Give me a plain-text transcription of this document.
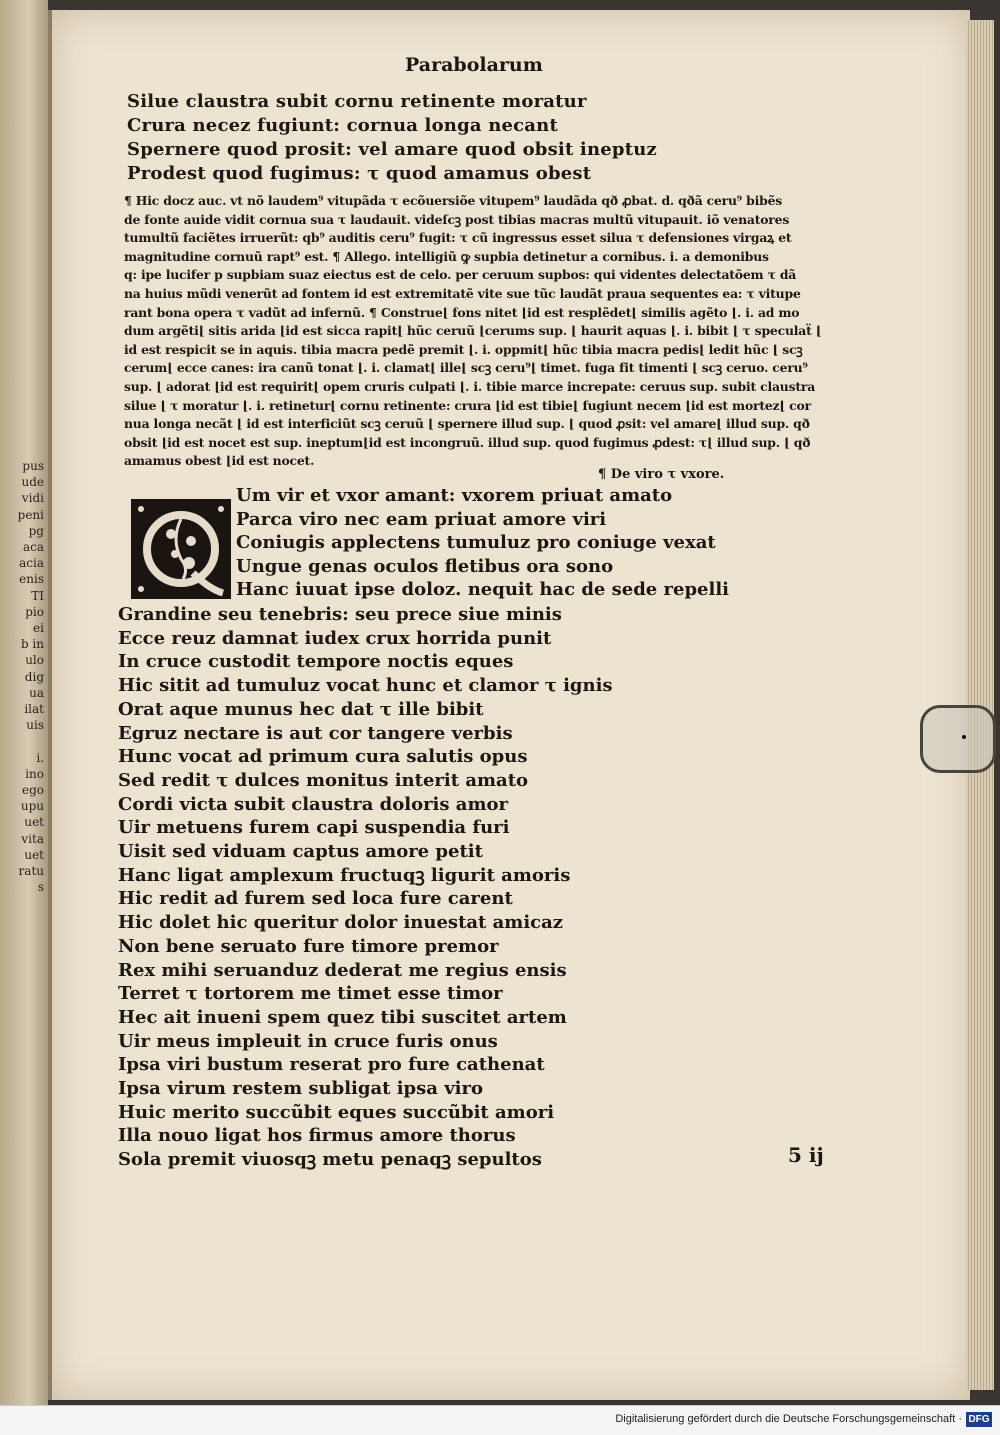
pus
ude
vidi
peni
pg
aca
acia
enis
TI
pio
ei
b in
ulo
dig
ua
ilat
uis

i.
ino
ego
upu
uet
vita
uet
ratu
s
Parabolarum
Silue claustra subit cornu retinente moratur
Crura necez fugiunt: cornua longa necant
Spernere quod prosit: vel amare quod obsit ineptuz
Prodest quod fugimus: τ quod amamus obest
¶ Hic docz auc. vt nõ laudem⁹ vitupãda τ ecõuersiõe vitupem⁹ laudãda qð ꝓbat. d. qðã ceru⁹ bibẽs
de fonte auide vidit cornua sua τ laudauit. videſcꝫ post tibias macras multũ vitupauit. iõ venatores
tumultũ faciẽtes irruerũt: qb⁹ auditis ceru⁹ fugit: τ cũ ingressus esset silua τ defensiones virgaꝝ et
magnitudine cornuũ rapt⁹ est. ¶ Allego. intelligiũ ꝙ supbia detinetur a cornibus. i. a demonibus
q: ipe lucifer p supbiam suaz eiectus est de celo. per ceruum supbos: qui videntes delectatõem τ dã
na huius mũdi venerũt ad fontem id est extremitatẽ vite sue tũc laudãt praua sequentes ea: τ vitupe
rant bona opera τ vadũt ad infernũ. ¶ Construe⌊ fons nitet ⌊id est resplẽdet⌊ similis agẽto ⌊. i. ad mo
dum argẽti⌊ sitis arida ⌊id est sicca rapit⌊ hũc ceruũ ⌊cerums sup. ⌊ haurit aquas ⌊. i. bibit ⌊ τ speculaẗ ⌊
id est respicit se in aquis. tibia macra pedẽ premit ⌊. i. oppmit⌊ hũc tibia macra pedis⌊ ledit hũc ⌊ scꝫ
cerum⌊ ecce canes: ira canũ tonat ⌊. i. clamat⌊ ille⌊ scꝫ ceru⁹⌊ timet. fuga fit timenti ⌊ scꝫ ceruo. ceru⁹
sup. ⌊ adorat ⌊id est requirit⌊ opem cruris culpati ⌊. i. tibie marce increpate: ceruus sup. subit claustra
silue ⌊ τ moratur ⌊. i. retinetur⌊ cornu retinente: crura ⌊id est tibie⌊ fugiunt necem ⌊id est mortez⌊ cor
nua longa necãt ⌊ id est interficiũt scꝫ ceruũ ⌊ spernere illud sup. ⌊ quod ꝓsit: vel amare⌊ illud sup. qð
obsit ⌊id est nocet est sup. ineptum⌊id est incongruũ. illud sup. quod fugimus ꝓdest: τ⌊ illud sup. ⌊ qð
amamus obest ⌊id est nocet.
¶ De viro τ vxore.
Um vir et vxor amant: vxorem priuat amato
Parca viro nec eam priuat amore viri
Coniugis applectens tumuluz pro coniuge vexat
Ungue genas oculos fletibus ora sono
Hanc iuuat ipse doloz. nequit hac de sede repelli
Grandine seu tenebris: seu prece siue minis
Ecce reuz damnat iudex crux horrida punit
In cruce custodit tempore noctis eques
Hic sitit ad tumuluz vocat hunc et clamor τ ignis
Orat aque munus hec dat τ ille bibit
Egruz nectare is aut cor tangere verbis
Hunc vocat ad primum cura salutis opus
Sed redit τ dulces monitus interit amato
Cordi victa subit claustra doloris amor
Uir metuens furem capi suspendia furi
Uisit sed viduam captus amore petit
Hanc ligat amplexum fructuqꝫ ligurit amoris
Hic redit ad furem sed loca fure carent
Hic dolet hic queritur dolor inuestat amicaz
Non bene seruato fure timore premor
Rex mihi seruanduz dederat me regius ensis
Terret τ tortorem me timet esse timor
Hec ait inueni spem quez tibi suscitet artem
Uir meus impleuit in cruce furis onus
Ipsa viri bustum reserat pro fure cathenat
Ipsa virum restem subligat ipsa viro
Huic merito succũbit eques succũbit amori
Illa nouo ligat hos firmus amore thorus
Sola premit viuosqꝫ metu penaqꝫ sepultos	5 ij
Digitalisierung gefördert durch die Deutsche Forschungsgemeinschaft · DFG
